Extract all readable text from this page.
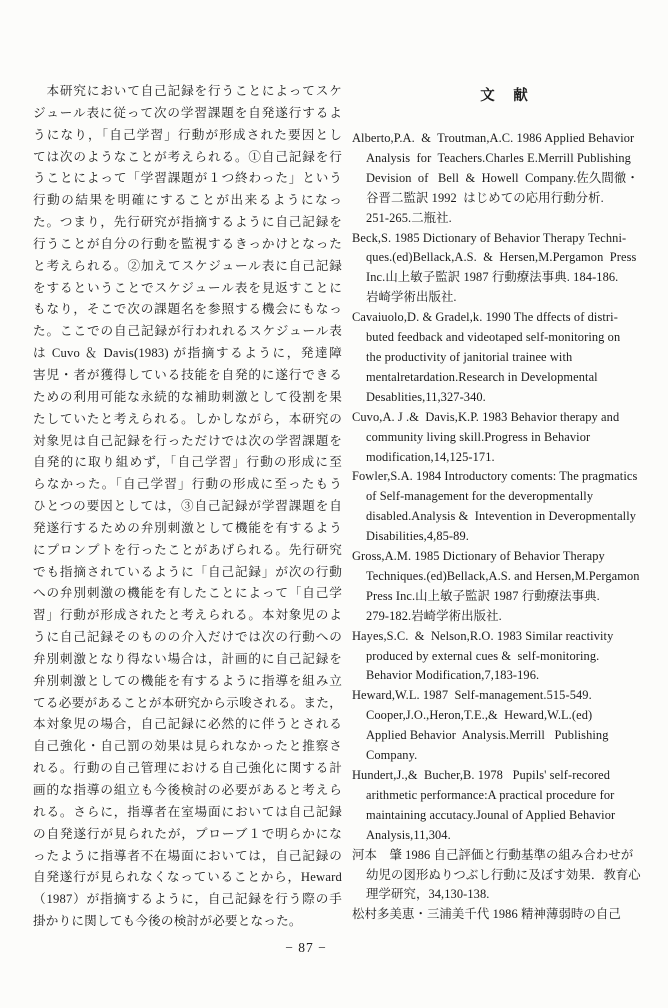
　本研究において自己記録を行うことによってスケ
ジュール表に従って次の学習課題を自発遂行するよ
うになり，「自己学習」行動が形成された要因とし
ては次のようなことが考えられる。①自己記録を行
うことによって「学習課題が１つ終わった」という
行動の結果を明確にすることが出来るようになっ
た。つまり，先行研究が指摘するように自己記録を
行うことが自分の行動を監視するきっかけとなった
と考えられる。②加えてスケジュール表に自己記録
をするということでスケジュール表を見返すことに
もなり，そこで次の課題名を参照する機会にもなっ
た。ここでの自己記録が行われれるスケジュール表
は Cuvo ＆ Davis(1983) が指摘するように，発達障
害児・者が獲得している技能を自発的に遂行できる
ための利用可能な永続的な補助刺激として役割を果
たしていたと考えられる。しかしながら，本研究の
対象児は自己記録を行っただけでは次の学習課題を
自発的に取り組めず，「自己学習」行動の形成に至
らなかった。「自己学習」行動の形成に至ったもう
ひとつの要因としては，③自己記録が学習課題を自
発遂行するための弁別刺激として機能を有するよう
にプロンプトを行ったことがあげられる。先行研究
でも指摘されているように「自己記録」が次の行動
への弁別刺激の機能を有したことによって「自己学
習」行動が形成されたと考えられる。本対象児のよ
うに自己記録そのものの介入だけでは次の行動への
弁別刺激となり得ない場合は，計画的に自己記録を
弁別刺激としての機能を有するように指導を組み立
てる必要があることが本研究から示唆される。また，
本対象児の場合，自己記録に必然的に伴うとされる
自己強化・自己罰の効果は見られなかったと推察さ
れる。行動の自己管理における自己強化に関する計
画的な指導の組立も今後検討の必要があると考えら
れる。さらに，指導者在室場面においては自己記録
の自発遂行が見られたが，プローブ１で明らかにな
ったように指導者不在場面においては，自己記録の
自発遂行が見られなくなっていることから，Heward
（1987）が指摘するように，自己記録を行う際の手
掛かりに関しても今後の検討が必要となった。
文　献
Alberto,P.A.  &  Troutman,A.C. 1986 Applied Behavior
Analysis  for  Teachers.Charles E.Merrill Publishing
Devision  of   Bell  &  Howell  Company.佐久間徹・
谷晋二監訳 1992  はじめての応用行動分析.
251-265.二瓶社.
Beck,S. 1985 Dictionary of Behavior Therapy Techni-
ques.(ed)Bellack,A.S.  &  Hersen,M.Pergamon  Press
Inc.山上敏子監訳 1987 行動療法事典. 184-186.
岩崎学術出版社.
Cavaiuolo,D. & Gradel,k. 1990 The dffects of distri-
buted feedback and videotaped self-monitoring on
the productivity of janitorial trainee with
mentalretardation.Research in Developmental
Desablities,11,327-340.
Cuvo,A. J .&  Davis,K.P. 1983 Behavior therapy and
community living skill.Progress in Behavior
modification,14,125-171.
Fowler,S.A. 1984 Introductory coments: The pragmatics
of Self-management for the deveropmentally
disabled.Analysis &  Intevention in Deveropmentally
Disabilities,4,85-89.
Gross,A.M. 1985 Dictionary of Behavior Therapy
Techniques.(ed)Bellack,A.S. and Hersen,M.Pergamon
Press Inc.山上敏子監訳 1987 行動療法事典.
279-182.岩崎学術出版社.
Hayes,S.C.  &  Nelson,R.O. 1983 Similar reactivity
produced by external cues &  self-monitoring.
Behavior Modification,7,183-196.
Heward,W.L. 1987  Self-management.515-549.
Cooper,J.O.,Heron,T.E.,&  Heward,W.L.(ed)
Applied Behavior  Analysis.Merrill   Publishing
Company.
Hundert,J.,&  Bucher,B. 1978   Pupils' self-recored
arithmetic performance:A practical procedure for
maintaining accutacy.Jounal of Applied Behavior
Analysis,11,304.
河本　肇 1986 自己評価と行動基準の組み合わせが
幼児の図形ぬりつぶし行動に及ぼす効果．教育心
理学研究，34,130-138.
松村多美恵・三浦美千代 1986 精神薄弱時の自己
− 87 −
